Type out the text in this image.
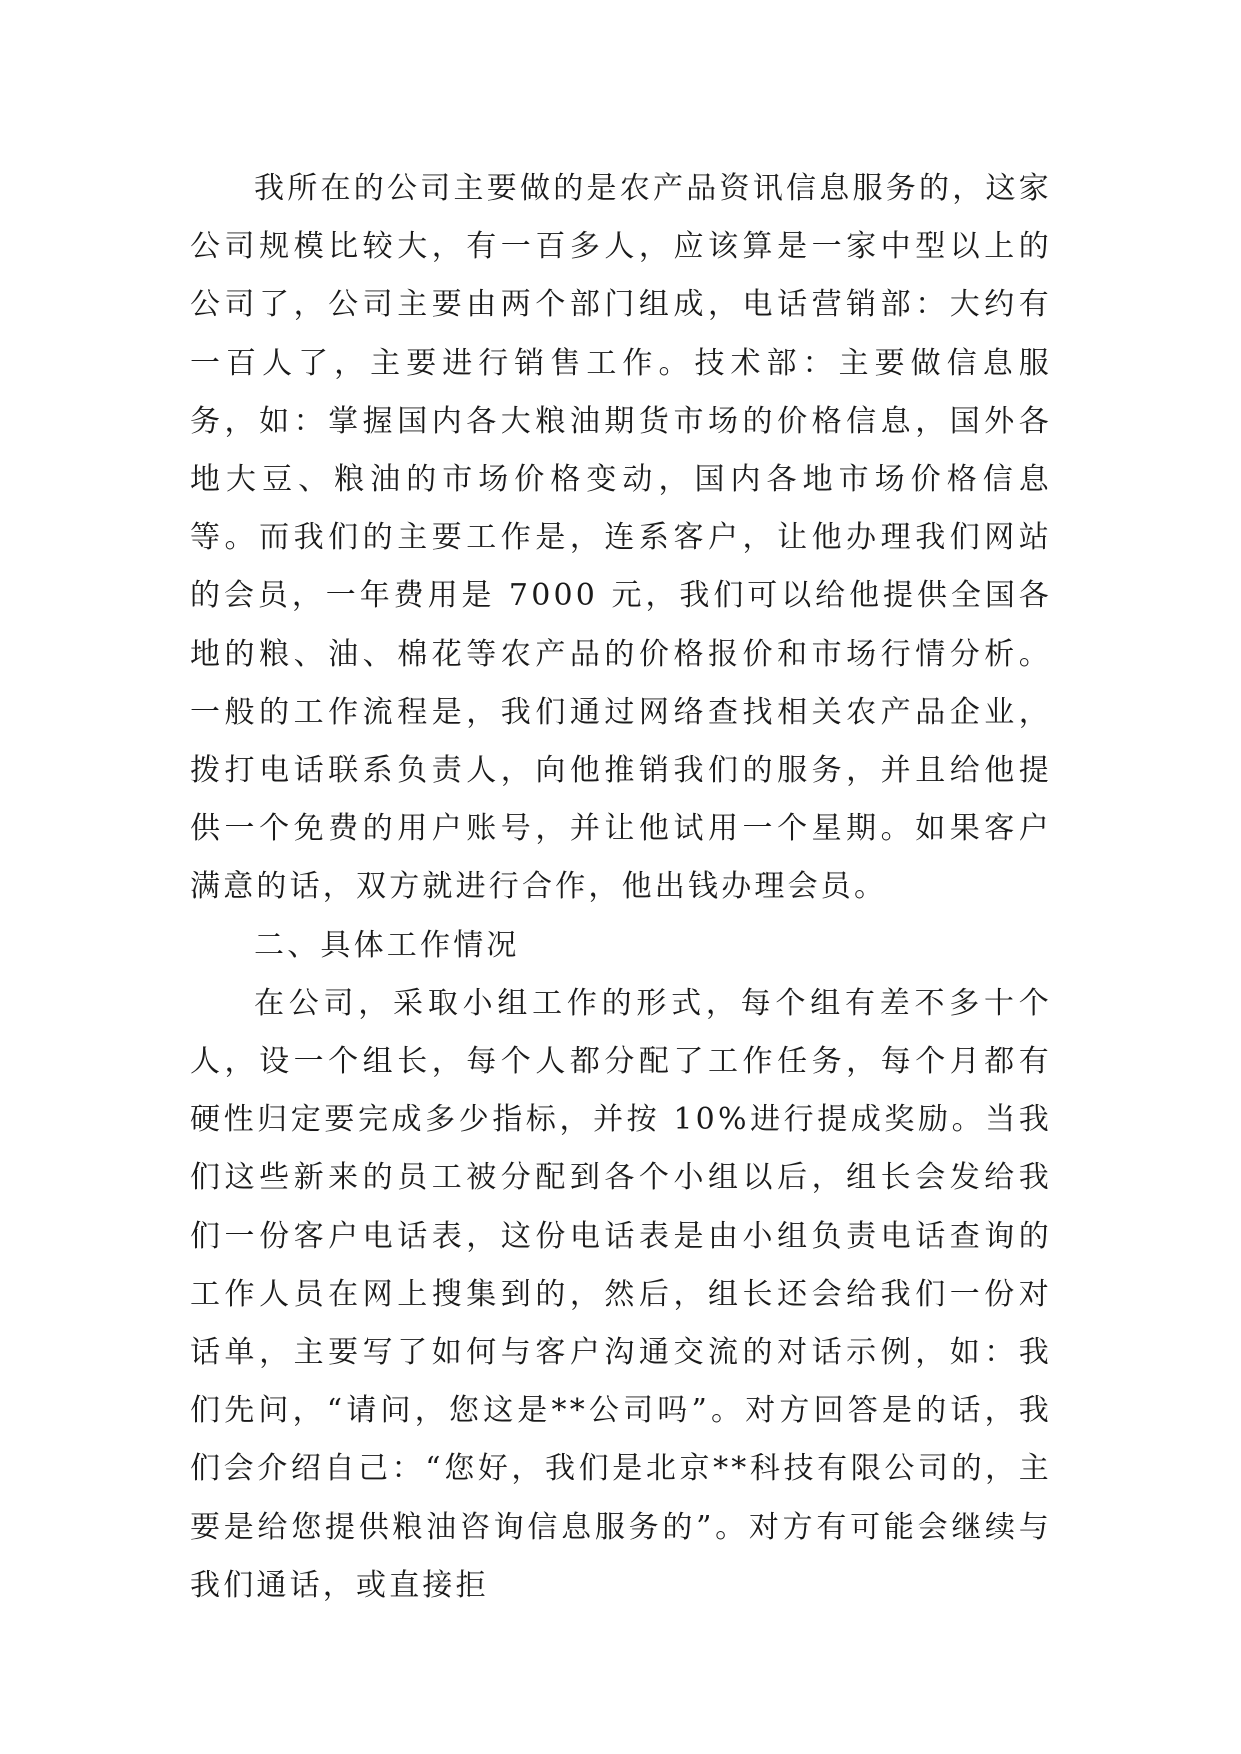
我所在的公司主要做的是农产品资讯信息服务的，这家公司规模比较大，有一百多人，应该算是一家中型以上的公司了，公司主要由两个部门组成，电话营销部：大约有一百人了，主要进行销售工作。技术部：主要做信息服务，如：掌握国内各大粮油期货市场的价格信息，国外各地大豆、粮油的市场价格变动，国内各地市场价格信息等。而我们的主要工作是，连系客户，让他办理我们网站的会员，一年费用是 7000 元，我们可以给他提供全国各地的粮、油、棉花等农产品的价格报价和市场行情分析。一般的工作流程是，我们通过网络查找相关农产品企业，拨打电话联系负责人，向他推销我们的服务，并且给他提供一个免费的用户账号，并让他试用一个星期。如果客户满意的话，双方就进行合作，他出钱办理会员。

二、具体工作情况

在公司，采取小组工作的形式，每个组有差不多十个人，设一个组长，每个人都分配了工作任务，每个月都有硬性归定要完成多少指标，并按 10%进行提成奖励。当我们这些新来的员工被分配到各个小组以后，组长会发给我们一份客户电话表，这份电话表是由小组负责电话查询的工作人员在网上搜集到的，然后，组长还会给我们一份对话单，主要写了如何与客户沟通交流的对话示例，如：我们先问，“请问，您这是**公司吗”。对方回答是的话，我们会介绍自己：“您好，我们是北京**科技有限公司的，主要是给您提供粮油咨询信息服务的”。对方有可能会继续与我们通话，或直接拒
